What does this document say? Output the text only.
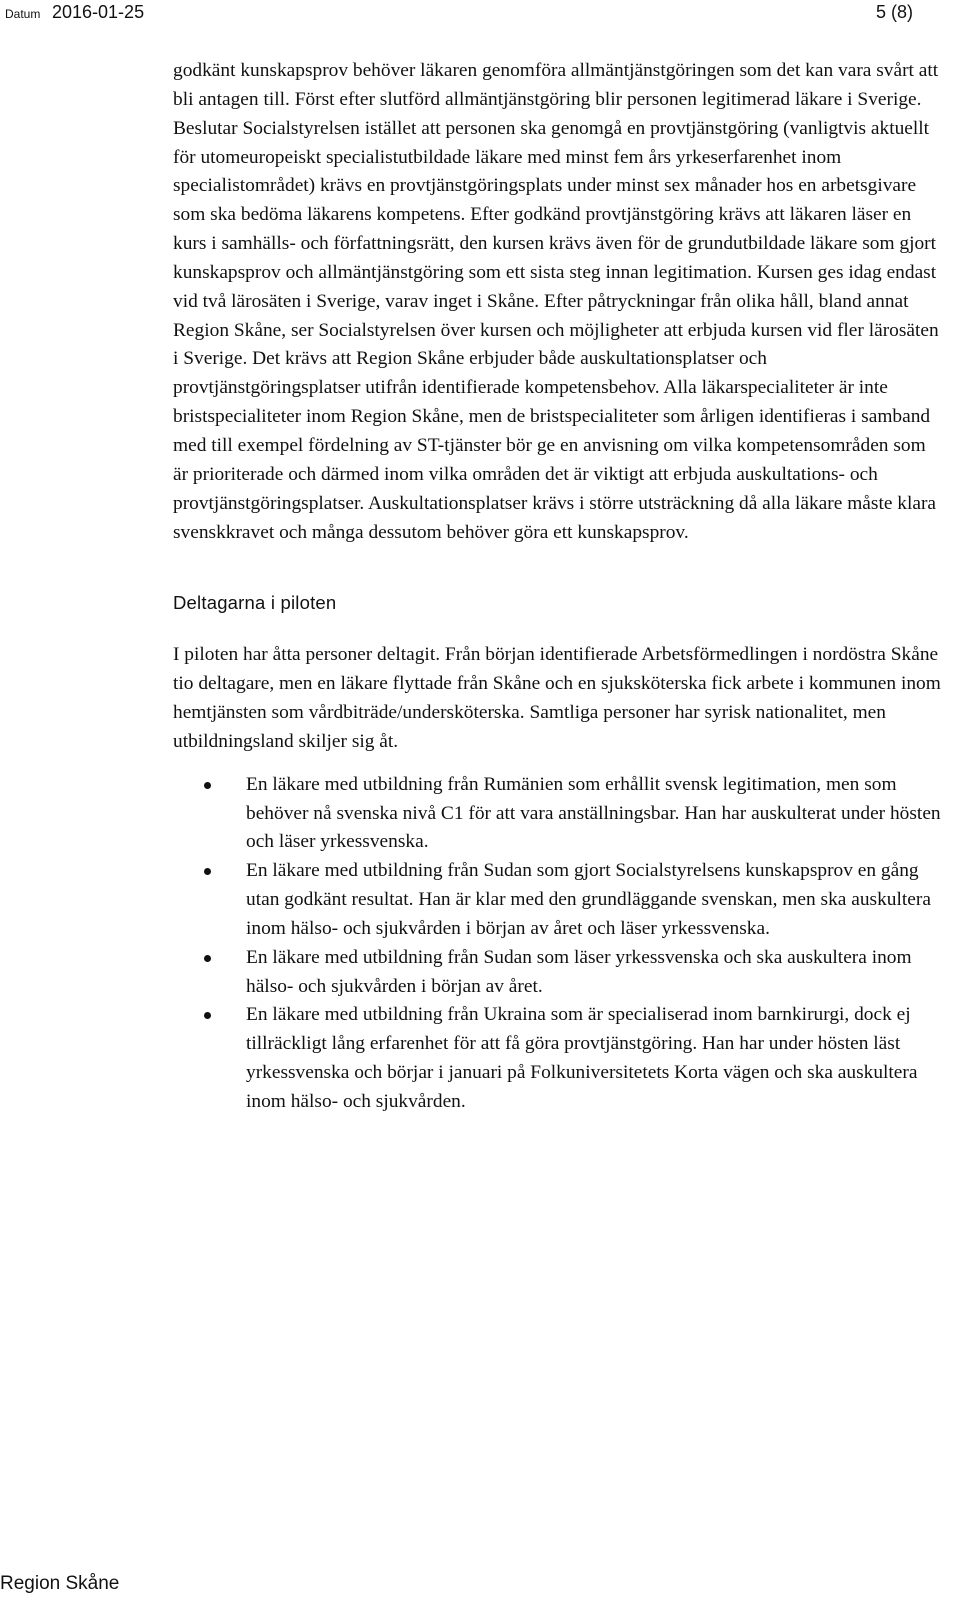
Datum 2016-01-25	5 (8)

godkänt kunskapsprov behöver läkaren genomföra allmäntjänstgöringen som det kan vara svårt att bli antagen till. Först efter slutförd allmäntjänstgöring blir personen legitimerad läkare i Sverige. Beslutar Socialstyrelsen istället att personen ska genomgå en provtjänstgöring (vanligtvis aktuellt för utomeuropeiskt specialistutbildade läkare med minst fem års yrkeserfarenhet inom specialistområdet) krävs en provtjänstgöringsplats under minst sex månader hos en arbetsgivare som ska bedöma läkarens kompetens. Efter godkänd provtjänstgöring krävs att läkaren läser en kurs i samhälls- och författningsrätt, den kursen krävs även för de grundutbildade läkare som gjort kunskapsprov och allmäntjänstgöring som ett sista steg innan legitimation. Kursen ges idag endast vid två lärosäten i Sverige, varav inget i Skåne. Efter påtryckningar från olika håll, bland annat Region Skåne, ser Socialstyrelsen över kursen och möjligheter att erbjuda kursen vid fler lärosäten i Sverige. Det krävs att Region Skåne erbjuder både auskultationsplatser och provtjänstgöringsplatser utifrån identifierade kompetensbehov. Alla läkarspecialiteter är inte bristspecialiteter inom Region Skåne, men de bristspecialiteter som årligen identifieras i samband med till exempel fördelning av ST-tjänster bör ge en anvisning om vilka kompetensområden som är prioriterade och därmed inom vilka områden det är viktigt att erbjuda auskultations- och provtjänstgöringsplatser. Auskultationsplatser krävs i större utsträckning då alla läkare måste klara svenskkravet och många dessutom behöver göra ett kunskapsprov.

Deltagarna i piloten

I piloten har åtta personer deltagit. Från början identifierade Arbetsförmedlingen i nordöstra Skåne tio deltagare, men en läkare flyttade från Skåne och en sjuksköterska fick arbete i kommunen inom hemtjänsten som vårdbiträde/undersköterska. Samtliga personer har syrisk nationalitet, men utbildningsland skiljer sig åt.

En läkare med utbildning från Rumänien som erhållit svensk legitimation, men som behöver nå svenska nivå C1 för att vara anställningsbar. Han har auskulterat under hösten och läser yrkessvenska.
En läkare med utbildning från Sudan som gjort Socialstyrelsens kunskapsprov en gång utan godkänt resultat. Han är klar med den grundläggande svenskan, men ska auskultera inom hälso- och sjukvården i början av året och läser yrkessvenska.
En läkare med utbildning från Sudan som läser yrkessvenska och ska auskultera inom hälso- och sjukvården i början av året.
En läkare med utbildning från Ukraina som är specialiserad inom barnkirurgi, dock ej tillräckligt lång erfarenhet för att få göra provtjänstgöring. Han har under hösten läst yrkessvenska och börjar i januari på Folkuniversitetets Korta vägen och ska auskultera inom hälso- och sjukvården.
Region Skåne
